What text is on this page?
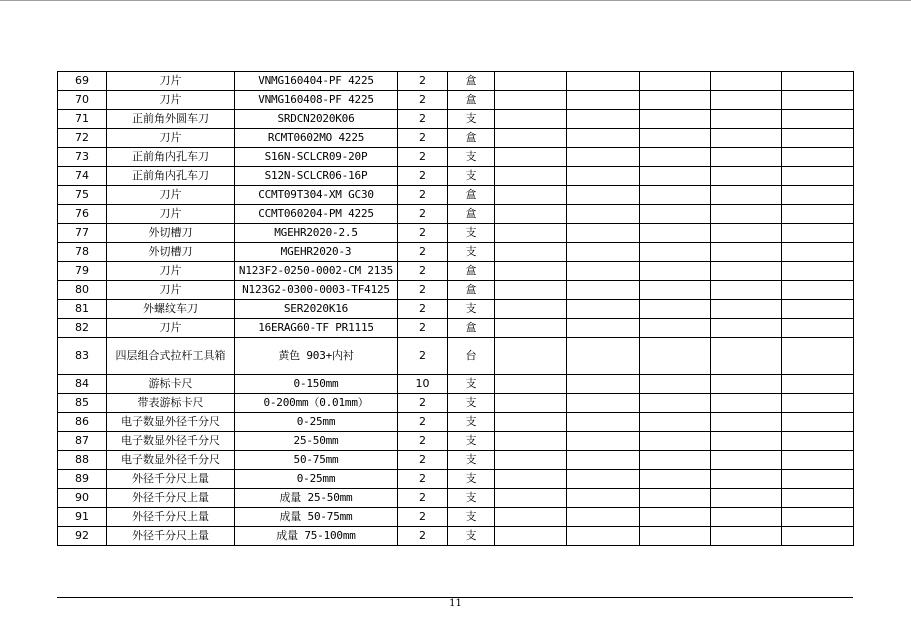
69	刀片	VNMG160404-PF 4225	2	盒					
70	刀片	VNMG160408-PF 4225	2	盒					
71	正前角外圆车刀	SRDCN2020K06	2	支					
72	刀片	RCMT0602MO 4225	2	盒					
73	正前角内孔车刀	S16N-SCLCR09-20P	2	支					
74	正前角内孔车刀	S12N-SCLCR06-16P	2	支					
75	刀片	CCMT09T304-XM GC30	2	盒					
76	刀片	CCMT060204-PM 4225	2	盒					
77	外切槽刀	MGEHR2020-2.5	2	支					
78	外切槽刀	MGEHR2020-3	2	支					
79	刀片	N123F2-0250-0002-CM 2135	2	盒					
80	刀片	N123G2-0300-0003-TF4125	2	盒					
81	外螺纹车刀	SER2020K16	2	支					
82	刀片	16ERAG60-TF PR1115	2	盒					
83	四层组合式拉杆工具箱	黄色 903+内衬	2	台					
84	游标卡尺	0-150mm	10	支					
85	带表游标卡尺	0-200mm（0.01mm）	2	支					
86	电子数显外径千分尺	0-25mm	2	支					
87	电子数显外径千分尺	25-50mm	2	支					
88	电子数显外径千分尺	50-75mm	2	支					
89	外径千分尺上量	0-25mm	2	支					
90	外径千分尺上量	成量 25-50mm	2	支					
91	外径千分尺上量	成量 50-75mm	2	支					
92	外径千分尺上量	成量 75-100mm	2	支					
11
